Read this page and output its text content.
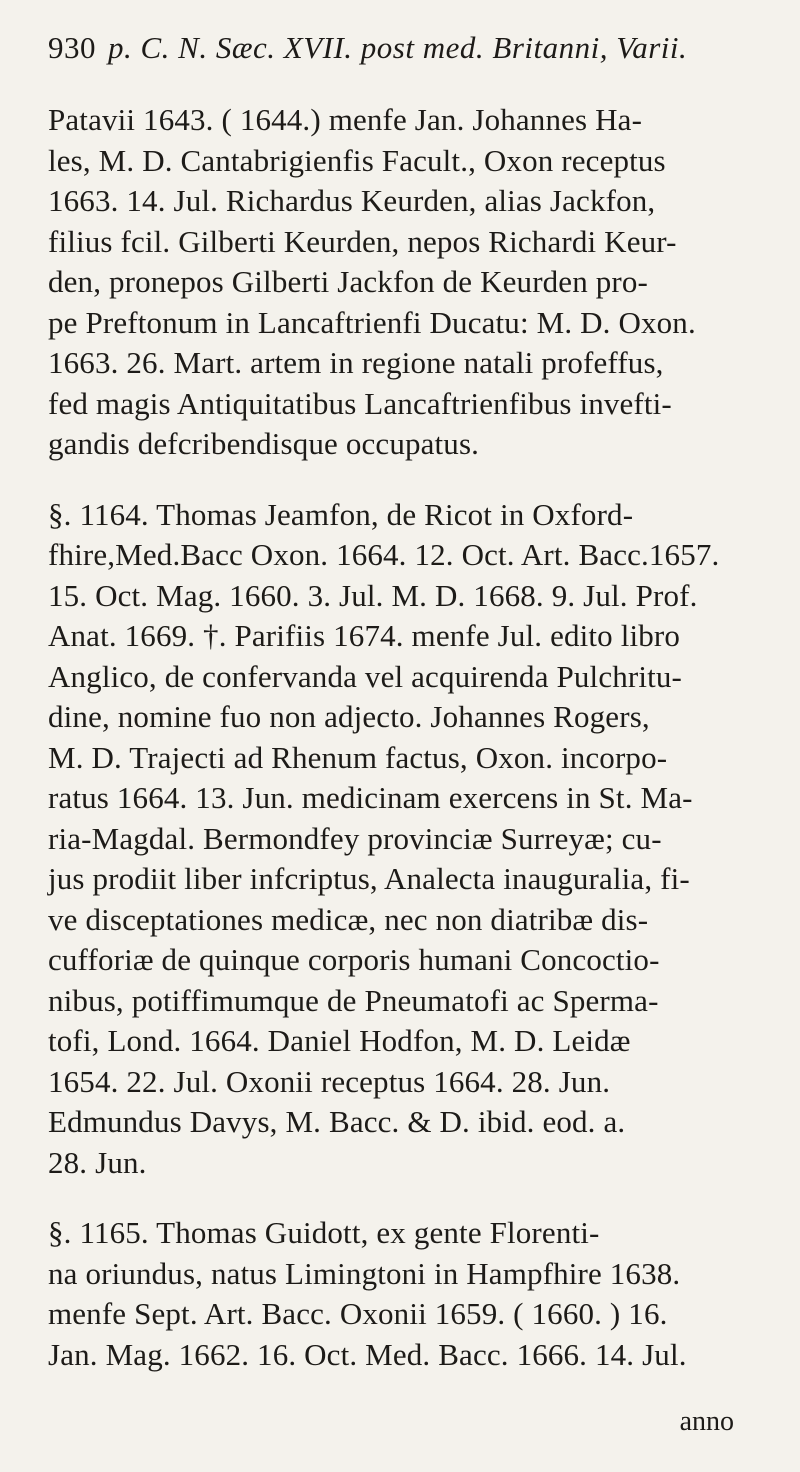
930 p. C. N. Sæc. XVII. post med. Britanni, Varii.

Patavii 1643. ( 1644.) menfe Jan. Johannes Ha-
les, M. D. Cantabrigienfis Facult., Oxon receptus
1663. 14. Jul. Richardus Keurden, alias Jackfon,
filius fcil. Gilberti Keurden, nepos Richardi Keur-
den, pronepos Gilberti Jackfon de Keurden pro-
pe Preftonum in Lancaftrienfi Ducatu: M. D. Oxon.
1663. 26. Mart. artem in regione natali profeffus,
fed magis Antiquitatibus Lancaftrienfibus invefti-
gandis defcribendisque occupatus.

§. 1164. Thomas Jeamfon, de Ricot in Oxford-
fhire,Med.Bacc Oxon. 1664. 12. Oct. Art. Bacc.1657.
15. Oct. Mag. 1660. 3. Jul. M. D. 1668. 9. Jul. Prof.
Anat. 1669. †. Parifiis 1674. menfe Jul. edito libro
Anglico, de confervanda vel acquirenda Pulchritu-
dine, nomine fuo non adjecto. Johannes Rogers,
M. D. Trajecti ad Rhenum factus, Oxon. incorpo-
ratus 1664. 13. Jun. medicinam exercens in St. Ma-
ria-Magdal. Bermondfey provinciæ Surreyæ; cu-
jus prodiit liber infcriptus, Analecta inauguralia, fi-
ve disceptationes medicæ, nec non diatribæ dis-
cufforiæ de quinque corporis humani Concoctio-
nibus, potiffimumque de Pneumatofi ac Sperma-
tofi, Lond. 1664. Daniel Hodfon, M. D. Leidæ
1654. 22. Jul. Oxonii receptus 1664. 28. Jun.
Edmundus Davys, M. Bacc. & D. ibid. eod. a.
28. Jun.

§. 1165. Thomas Guidott, ex gente Florenti-
na oriundus, natus Limingtoni in Hampfhire 1638.
menfe Sept. Art. Bacc. Oxonii 1659. ( 1660. ) 16.
Jan. Mag. 1662. 16. Oct. Med. Bacc. 1666. 14. Jul.

anno
